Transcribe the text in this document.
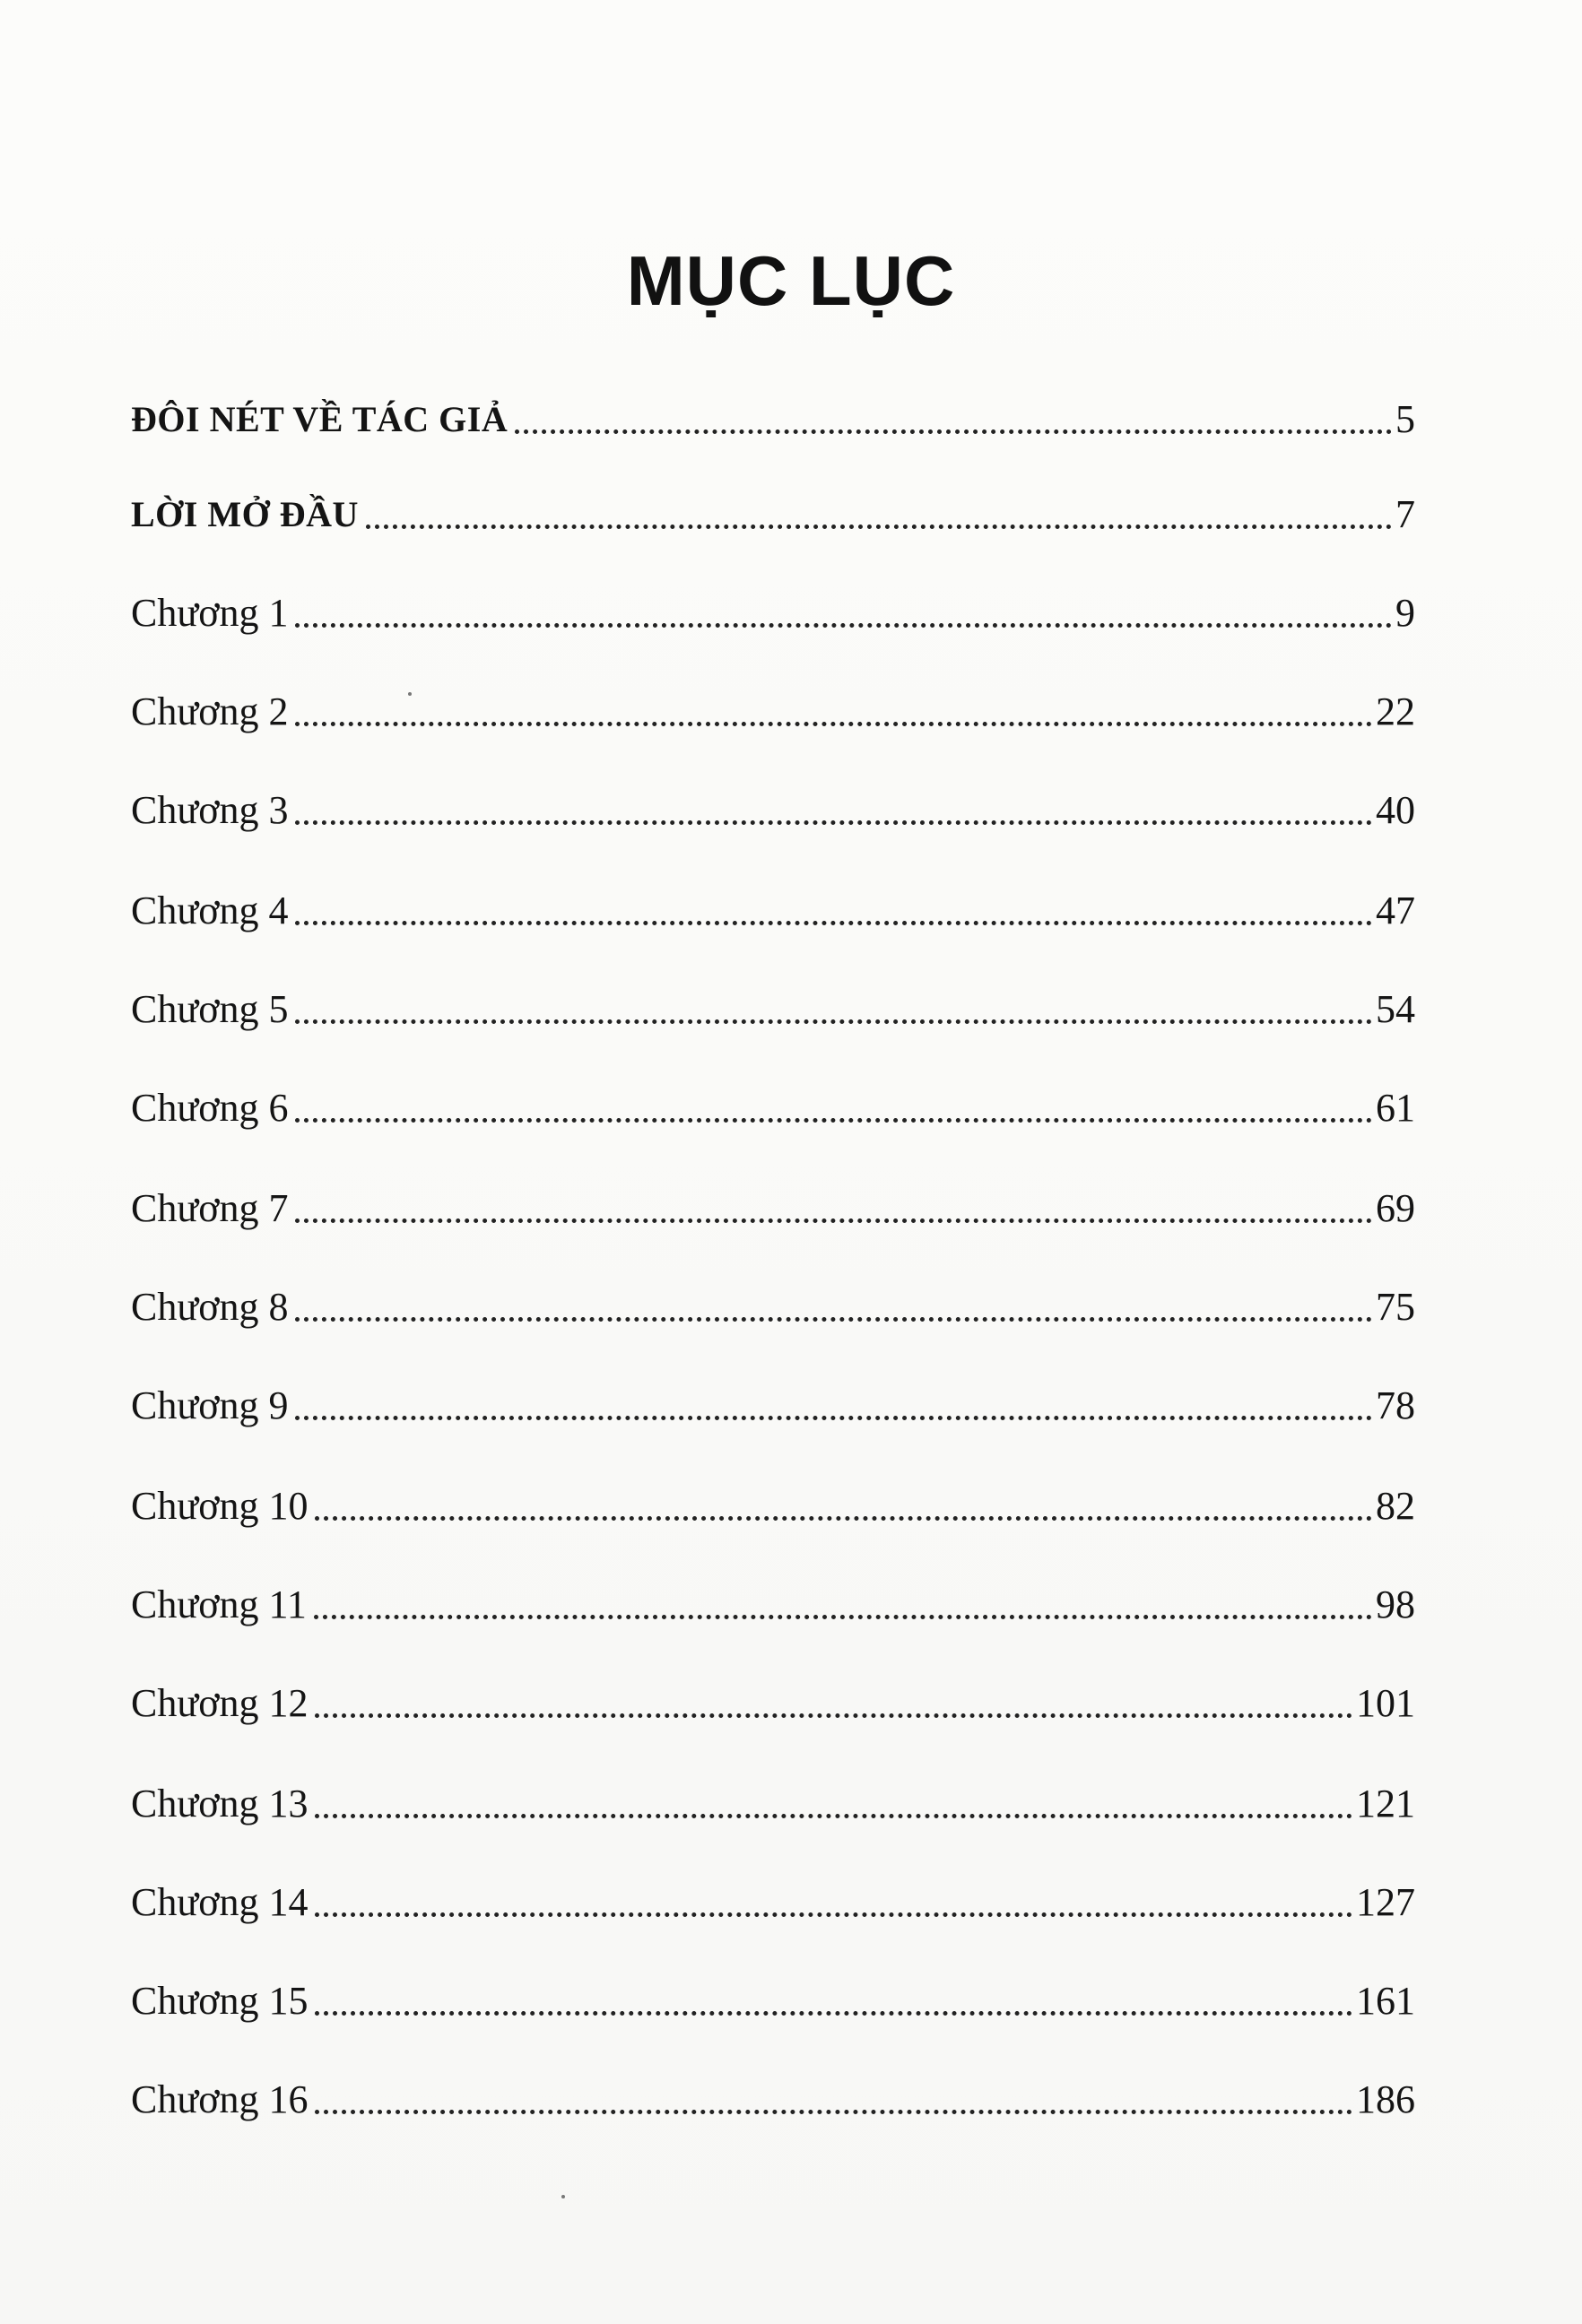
MỤC LỤC
ĐÔI NÉT VỀ TÁC GIẢ	5
LỜI MỞ ĐẦU	7
Chương 1	9
Chương 2	22
Chương 3	40
Chương 4	47
Chương 5	54
Chương 6	61
Chương 7	69
Chương 8	75
Chương 9	78
Chương 10	82
Chương 11	98
Chương 12	101
Chương 13	121
Chương 14	127
Chương 15	161
Chương 16	186
